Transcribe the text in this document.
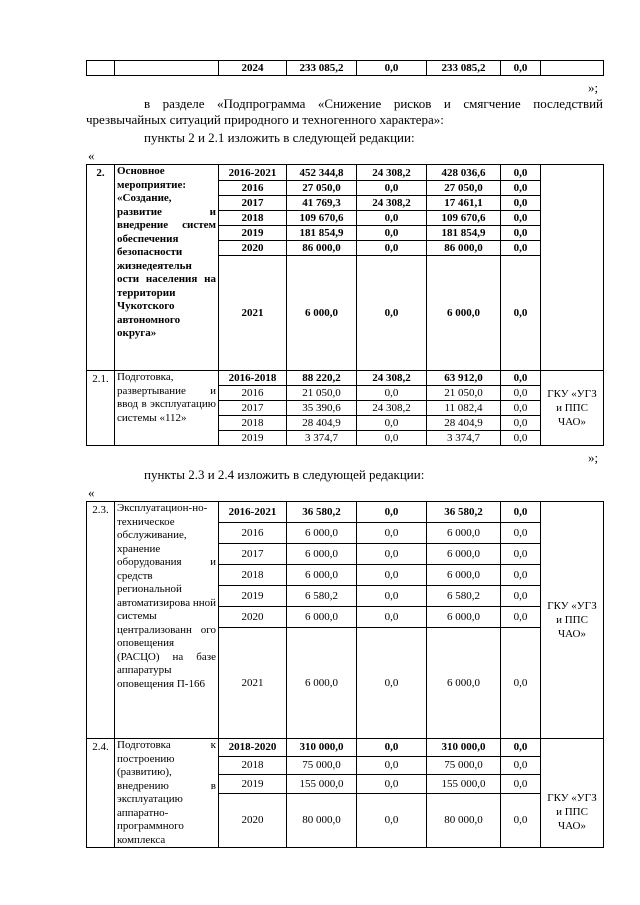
		2024	233 085,2	0,0	233 085,2	0,0	
»;
в разделе «Подпрограмма «Снижение рисков и смягчение последствий чрезвычайных ситуаций природного и техногенного характера»:
пункты 2 и 2.1 изложить в следующей редакции:
«
2.	Основное мероприятие: «Создание, развитие и внедрение систем обеспечения безопасности жизнедеятельн ости населения на территории Чукотского автономного округа»	2016-2021	452 344,8	24 308,2	428 036,6	0,0	
		2016	27 050,0	0,0	27 050,0	0,0	
		2017	41 769,3	24 308,2	17 461,1	0,0	
		2018	109 670,6	0,0	109 670,6	0,0	
		2019	181 854,9	0,0	181 854,9	0,0	
		2020	86 000,0	0,0	86 000,0	0,0	
		2021	6 000,0	0,0	6 000,0	0,0	
2.1.	Подготовка, развертывание и ввод в эксплуатацию системы «112»	2016-2018	88 220,2	24 308,2	63 912,0	0,0	ГКУ «УГЗ и ППС ЧАО»
		2016	21 050,0	0,0	21 050,0	0,0	
		2017	35 390,6	24 308,2	11 082,4	0,0	
		2018	28 404,9	0,0	28 404,9	0,0	
		2019	3 374,7	0,0	3 374,7	0,0	
»;
пункты 2.3 и 2.4 изложить в следующей редакции:
«
2.3.	Эксплуатацион-но-техническое обслуживание, хранение оборудования и средств региональной автоматизирова нной системы централизованн ого оповещения (РАСЦО) на базе аппаратуры оповещения П-166	2016-2021	36 580,2	0,0	36 580,2	0,0	ГКУ «УГЗ и ППС ЧАО»
		2016	6 000,0	0,0	6 000,0	0,0	
		2017	6 000,0	0,0	6 000,0	0,0	
		2018	6 000,0	0,0	6 000,0	0,0	
		2019	6 580,2	0,0	6 580,2	0,0	
		2020	6 000,0	0,0	6 000,0	0,0	
		2021	6 000,0	0,0	6 000,0	0,0	
2.4.	Подготовка к построению (развитию), внедрению в эксплуатацию аппаратно-программного комплекса	2018-2020	310 000,0	0,0	310 000,0	0,0	ГКУ «УГЗ и ППС ЧАО»
		2018	75 000,0	0,0	75 000,0	0,0	
		2019	155 000,0	0,0	155 000,0	0,0	
		2020	80 000,0	0,0	80 000,0	0,0	
